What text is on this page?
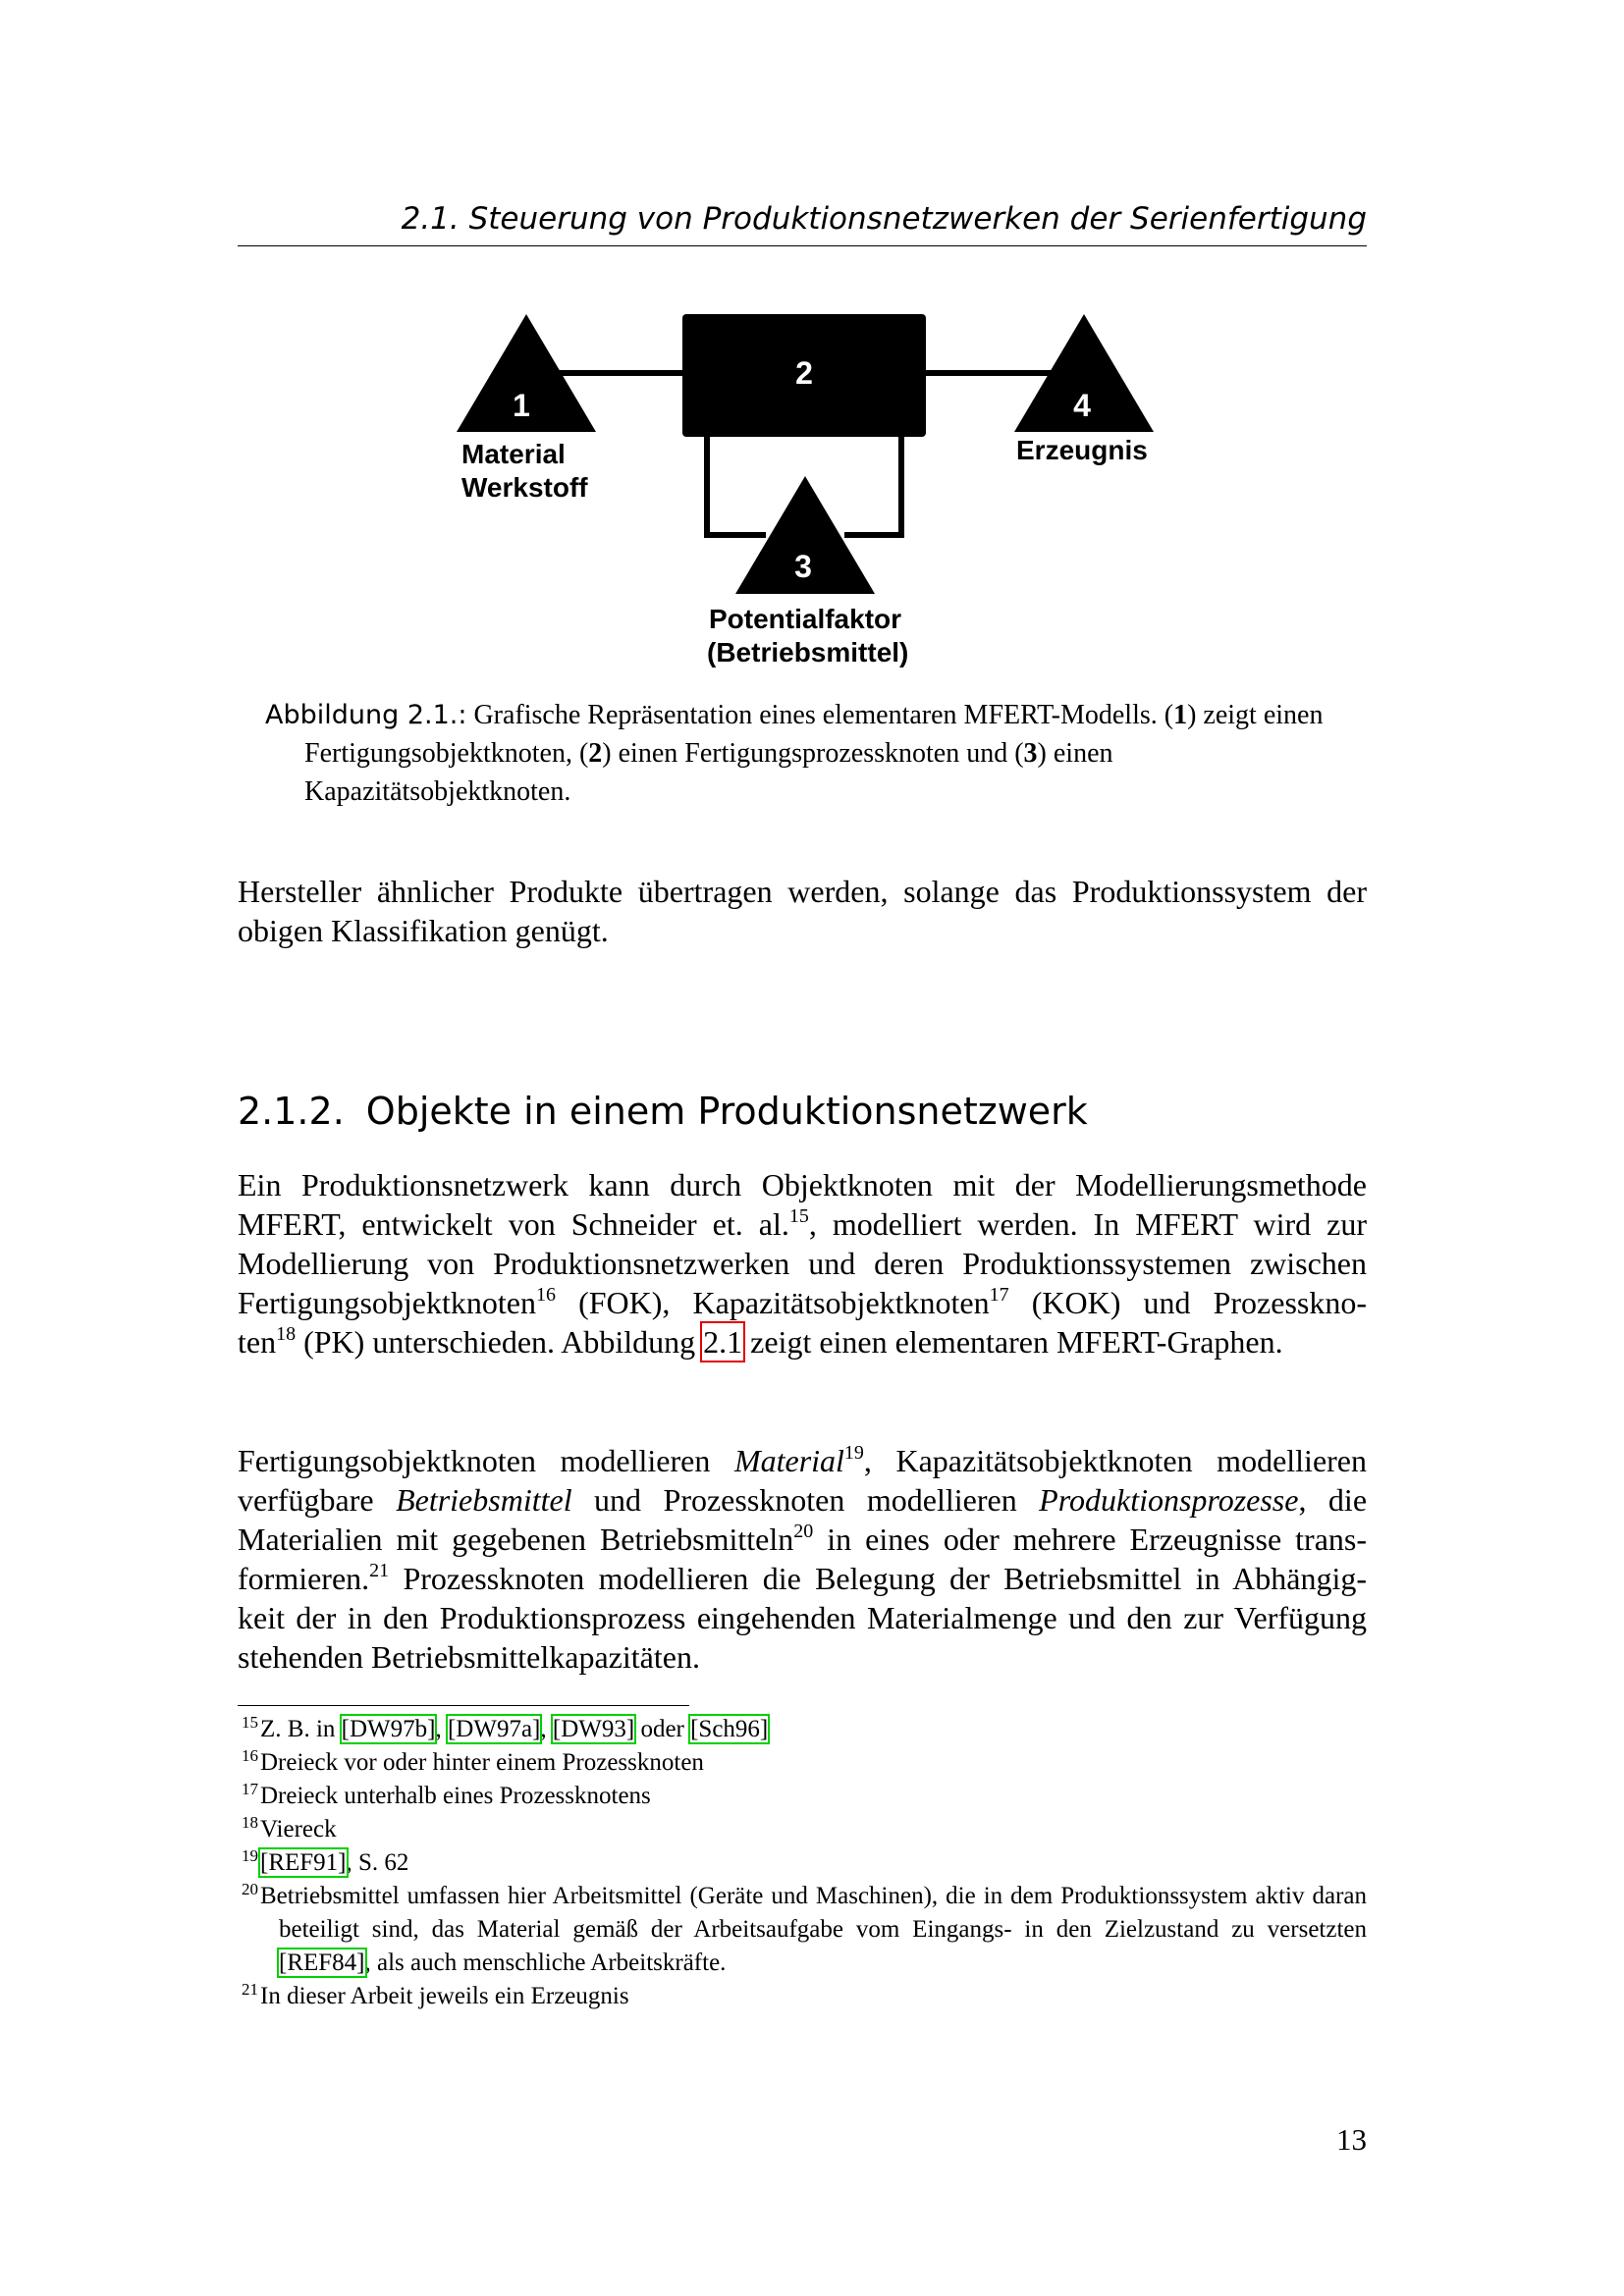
2.1. Steuerung von Produktionsnetzwerken der Serienfertigung
1
2
3
4
Material
Werkstoff
Erzeugnis
Potentialfaktor
(Betriebsmittel)
Abbildung 2.1.: Grafische Repräsentation eines elementaren MFERT-Modells. (1) zeigt einen Fertigungsobjektknoten, (2) einen Fertigungsprozessknoten und (3) einen Kapazitätsobjektknoten.
Hersteller ähnlicher Produkte übertragen werden, solange das Produktionssystem der
obigen Klassifikation genügt.
2.1.2. Objekte in einem Produktionsnetzwerk
Ein Produktionsnetzwerk kann durch Objektknoten mit der Modellierungsmethode
MFERT, entwickelt von Schneider et. al.$^{15}$, modelliert werden. In MFERT wird zur
Modellierung von Produktionsnetzwerken und deren Produktionssystemen zwischen
Fertigungsobjektknoten$^{16}$ (FOK), Kapazitätsobjektknoten$^{17}$ (KOK) und Prozesskno-
ten$^{18}$ (PK) unterschieden. Abbildung 2.1 zeigt einen elementaren MFERT-Graphen.
Fertigungsobjektknoten modellieren Material$^{19}$, Kapazitätsobjektknoten modellieren
verfügbare Betriebsmittel und Prozessknoten modellieren Produktionsprozesse, die
Materialien mit gegebenen Betriebsmitteln$^{20}$ in eines oder mehrere Erzeugnisse trans-
formieren.$^{21}$ Prozessknoten modellieren die Belegung der Betriebsmittel in Abhängig-
keit der in den Produktionsprozess eingehenden Materialmenge und den zur Verfügung
stehenden Betriebsmittelkapazitäten.

$^{15}$Z. B. in [DW97b], [DW97a], [DW93] oder [Sch96]

$^{16}$Dreieck vor oder hinter einem Prozessknoten

$^{17}$Dreieck unterhalb eines Prozessknotens

$^{18}$Viereck

$^{19}$[REF91], S. 62

$^{20}$Betriebsmittel umfassen hier Arbeitsmittel (Geräte und Maschinen), die in dem Produktionssystem aktiv daran beteiligt sind, das Material gemäß der Arbeitsaufgabe vom Eingangs- in den Zielzustand zu versetzten [REF84], als auch menschliche Arbeitskräfte.

$^{21}$In dieser Arbeit jeweils ein Erzeugnis

13
